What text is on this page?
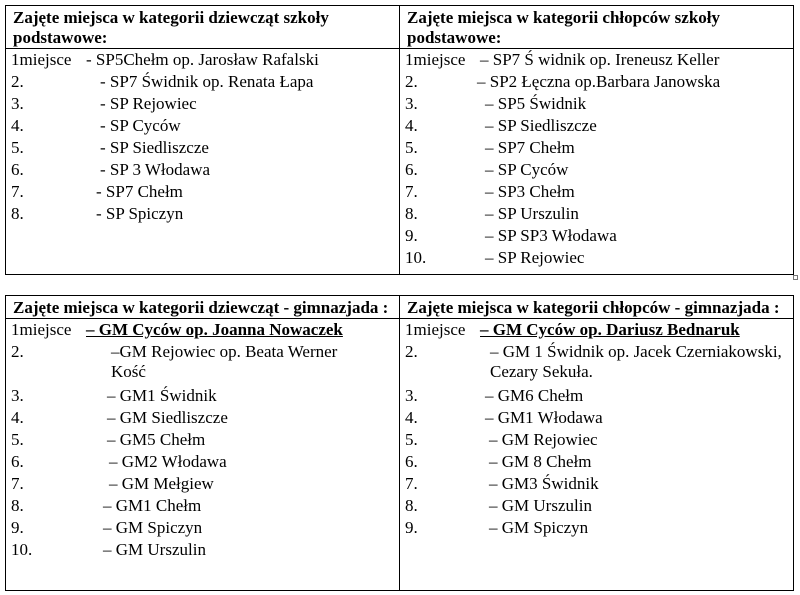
Zajęte miejsca w kategorii dziewcząt szkoły podstawowe:
1miejsce - SP5Chełm op. Jarosław Rafalski
2.	- SP7 Świdnik op. Renata Łapa
3.	- SP Rejowiec
4.	- SP Cyców
5.	- SP Siedliszcze
6.	- SP 3 Włodawa
7.	- SP7 Chełm
8.	- SP Spiczyn

Zajęte miejsca w kategorii chłopców szkoły podstawowe:
1miejsce – SP7 Ś widnik op. Ireneusz Keller
2.	– SP2 Łęczna op.Barbara Janowska
3.	– SP5 Świdnik
4.	– SP Siedliszcze
5.	– SP7 Chełm
6.	– SP Cyców
7.	– SP3 Chełm
8.	– SP Urszulin
9.	– SP SP3 Włodawa
10.	– SP Rejowiec
Zajęte miejsca w kategorii dziewcząt - gimnazjada :
1miejsce – GM Cyców op. Joanna Nowaczek
2.	–GM Rejowiec op. Beata Werner Kość
3.	– GM1 Świdnik
4.	– GM Siedliszcze
5.	– GM5 Chełm
6.	– GM2 Włodawa
7.	– GM Mełgiew
8.	– GM1 Chełm
9.	– GM Spiczyn
10.	– GM Urszulin

Zajęte miejsca w kategorii chłopców - gimnazjada :
1miejsce – GM Cyców op. Dariusz Bednaruk
2.	– GM 1 Świdnik op. Jacek Czerniakowski, Cezary Sekuła.
3.	– GM6 Chełm
4.	– GM1 Włodawa
5.	– GM Rejowiec
6.	– GM 8 Chełm
7.	– GM3 Świdnik
8.	– GM Urszulin
9.	– GM Spiczyn
